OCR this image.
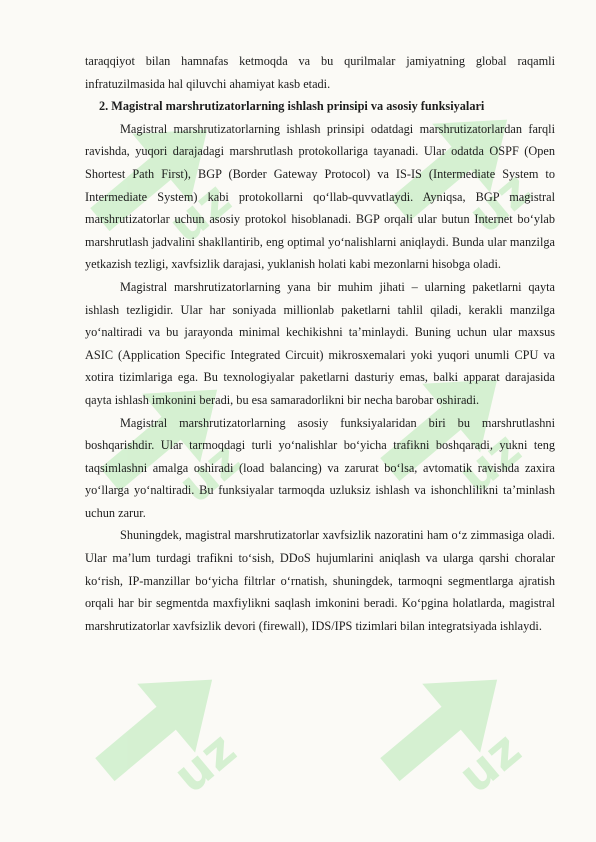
uz	uz
uz	uz
uz	uz

taraqqiyot bilan hamnafas ketmoqda va bu qurilmalar jamiyatning global raqamli infratuzilmasida hal qiluvchi ahamiyat kasb etadi.

2. Magistral marshrutizatorlarning ishlash prinsipi va asosiy funksiyalari

Magistral marshrutizatorlarning ishlash prinsipi odatdagi marshrutizatorlardan farqli ravishda, yuqori darajadagi marshrutlash protokollariga tayanadi. Ular odatda OSPF (Open Shortest Path First), BGP (Border Gateway Protocol) va IS-IS (Intermediate System to Intermediate System) kabi protokollarni qo‘llab-quvvatlaydi. Ayniqsa, BGP magistral marshrutizatorlar uchun asosiy protokol hisoblanadi. BGP orqali ular butun Internet bo‘ylab marshrutlash jadvalini shakllantirib, eng optimal yo‘nalishlarni aniqlaydi. Bunda ular manzilga yetkazish tezligi, xavfsizlik darajasi, yuklanish holati kabi mezonlarni hisobga oladi.

Magistral marshrutizatorlarning yana bir muhim jihati – ularning paketlarni qayta ishlash tezligidir. Ular har soniyada millionlab paketlarni tahlil qiladi, kerakli manzilga yo‘naltiradi va bu jarayonda minimal kechikishni ta’minlaydi. Buning uchun ular maxsus ASIC (Application Specific Integrated Circuit) mikrosxemalari yoki yuqori unumli CPU va xotira tizimlariga ega. Bu texnologiyalar paketlarni dasturiy emas, balki apparat darajasida qayta ishlash imkonini beradi, bu esa samaradorlikni bir necha barobar oshiradi.

Magistral marshrutizatorlarning asosiy funksiyalaridan biri bu marshrutlashni boshqarishdir. Ular tarmoqdagi turli yo‘nalishlar bo‘yicha trafikni boshqaradi, yukni teng taqsimlashni amalga oshiradi (load balancing) va zarurat bo‘lsa, avtomatik ravishda zaxira yo‘llarga yo‘naltiradi. Bu funksiyalar tarmoqda uzluksiz ishlash va ishonchlilikni ta’minlash uchun zarur.

Shuningdek, magistral marshrutizatorlar xavfsizlik nazoratini ham o‘z zimmasiga oladi. Ular ma’lum turdagi trafikni to‘sish, DDoS hujumlarini aniqlash va ularga qarshi choralar ko‘rish, IP-manzillar bo‘yicha filtrlar o‘rnatish, shuningdek, tarmoqni segmentlarga ajratish orqali har bir segmentda maxfiylikni saqlash imkonini beradi. Ko‘pgina holatlarda, magistral marshrutizatorlar xavfsizlik devori (firewall), IDS/IPS tizimlari bilan integratsiyada ishlaydi.
